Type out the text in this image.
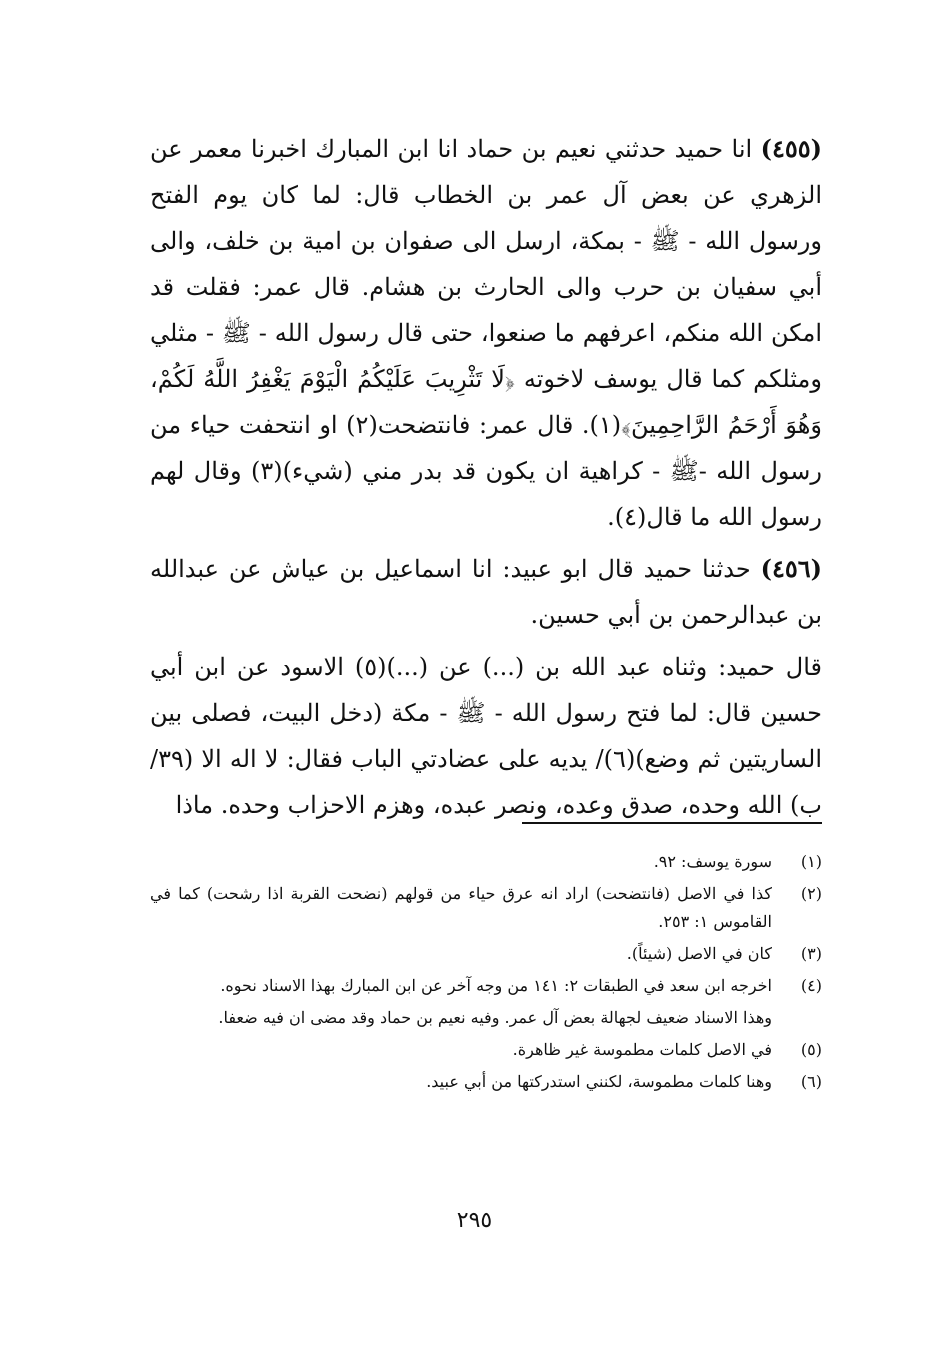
(٤٥٥) انا حميد حدثني نعيم بن حماد انا ابن المبارك اخبرنا معمر عن الزهري عن بعض آل عمر بن الخطاب قال: لما كان يوم الفتح ورسول الله - ﷺ - بمكة، ارسل الى صفوان بن امية بن خلف، والى أبي سفيان بن حرب والى الحارث بن هشام. قال عمر: فقلت قد امكن الله منكم، اعرفهم ما صنعوا، حتى قال رسول الله - ﷺ - مثلي ومثلكم كما قال يوسف لاخوته ﴿لَا تَثْرِيبَ عَلَيْكُمُ الْيَوْمَ يَغْفِرُ اللَّهُ لَكُمْ، وَهُوَ أَرْحَمُ الرَّاحِمِينَ﴾(١). قال عمر: فانتضحت(٢) او انتحفت حياء من رسول الله -ﷺ - كراهية ان يكون قد بدر مني (شيء)(٣) وقال لهم رسول الله ما قال(٤).

(٤٥٦) حدثنا حميد قال ابو عبيد: انا اسماعيل بن عياش عن عبدالله بن عبدالرحمن بن أبي حسين.

قال حميد: وثناه عبد الله بن (...) عن (...)(٥) الاسود عن ابن أبي حسين قال: لما فتح رسول الله - ﷺ - مكة (دخل البيت، فصلى بين الساريتين ثم وضع)(٦)/ يديه على عضادتي الباب فقال: لا اله الا (٣٩/ب) الله وحده، صدق وعده، ونصر عبده، وهزم الاحزاب وحده. ماذا

(١)
سورة يوسف: ٩٢.
(٢)
كذا في الاصل (فانتضحت) اراد انه عرق حياء من قولهم (نضحت القربة اذا رشحت) كما في القاموس ١: ٢٥٣.
(٣)
كان في الاصل (شيئاً).
(٤)
اخرجه ابن سعد في الطبقات ٢: ١٤١ من وجه آخر عن ابن المبارك بهذا الاسناد نحوه.
وهذا الاسناد ضعيف لجهالة بعض آل عمر. وفيه نعيم بن حماد وقد مضى ان فيه ضعفا.
(٥)
في الاصل كلمات مطموسة غير ظاهرة.
(٦)
وهنا كلمات مطموسة، لكنني استدركتها من أبي عبيد.
٢٩٥
